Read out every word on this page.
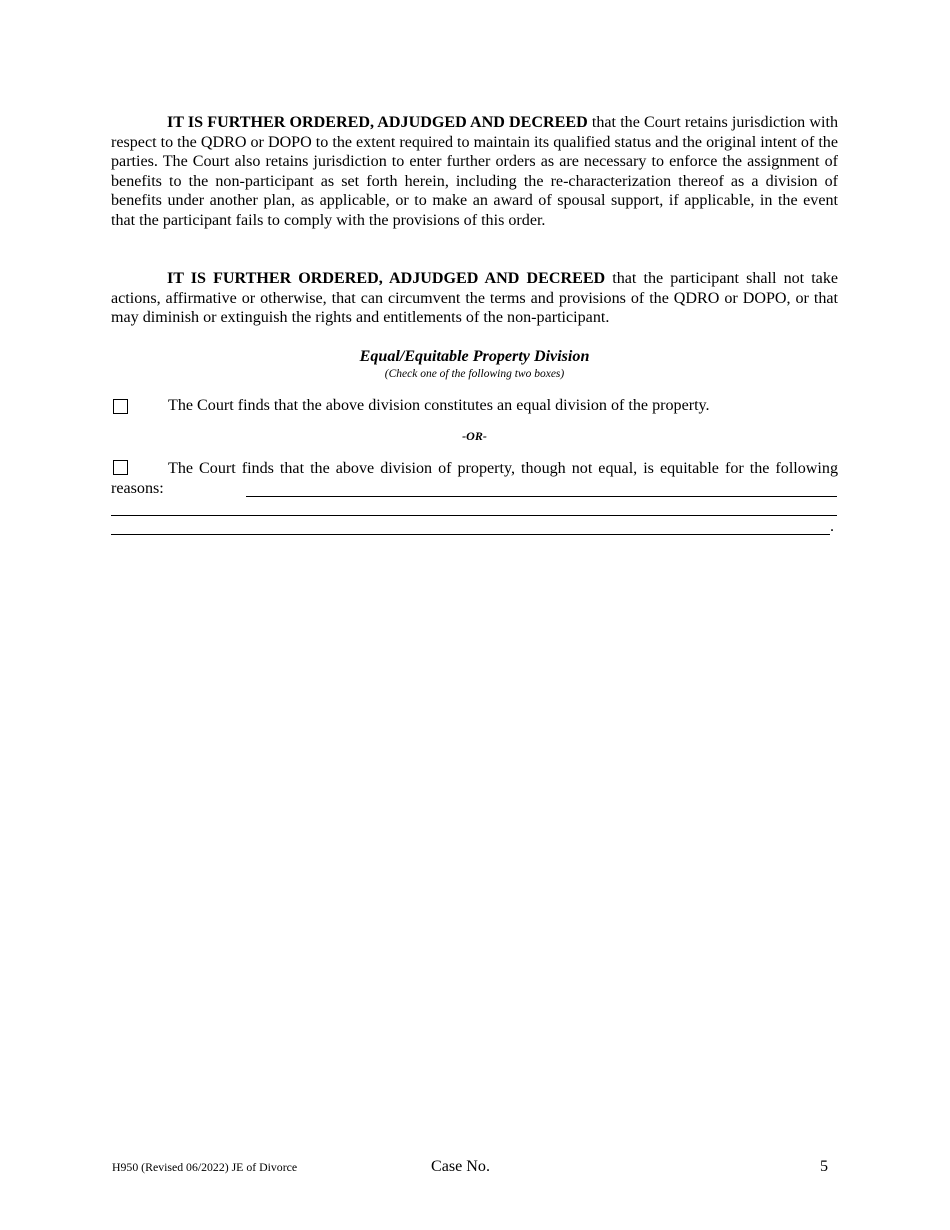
IT IS FURTHER ORDERED, ADJUDGED AND DECREED that the Court retains jurisdiction with respect to the QDRO or DOPO to the extent required to maintain its qualified status and the original intent of the parties. The Court also retains jurisdiction to enter further orders as are necessary to enforce the assignment of benefits to the non-participant as set forth herein, including the re-characterization thereof as a division of benefits under another plan, as applicable, or to make an award of spousal support, if applicable, in the event that the participant fails to comply with the provisions of this order.
IT IS FURTHER ORDERED, ADJUDGED AND DECREED that the participant shall not take actions, affirmative or otherwise, that can circumvent the terms and provisions of the QDRO or DOPO, or that may diminish or extinguish the rights and entitlements of the non-participant.
Equal/Equitable Property Division
(Check one of the following two boxes)
The Court finds that the above division constitutes an equal division of the property.
-OR-
The Court finds that the above division of property, though not equal, is equitable for the following reasons:
.
H950 (Revised 06/2022) JE of Divorce	Case No.	5
